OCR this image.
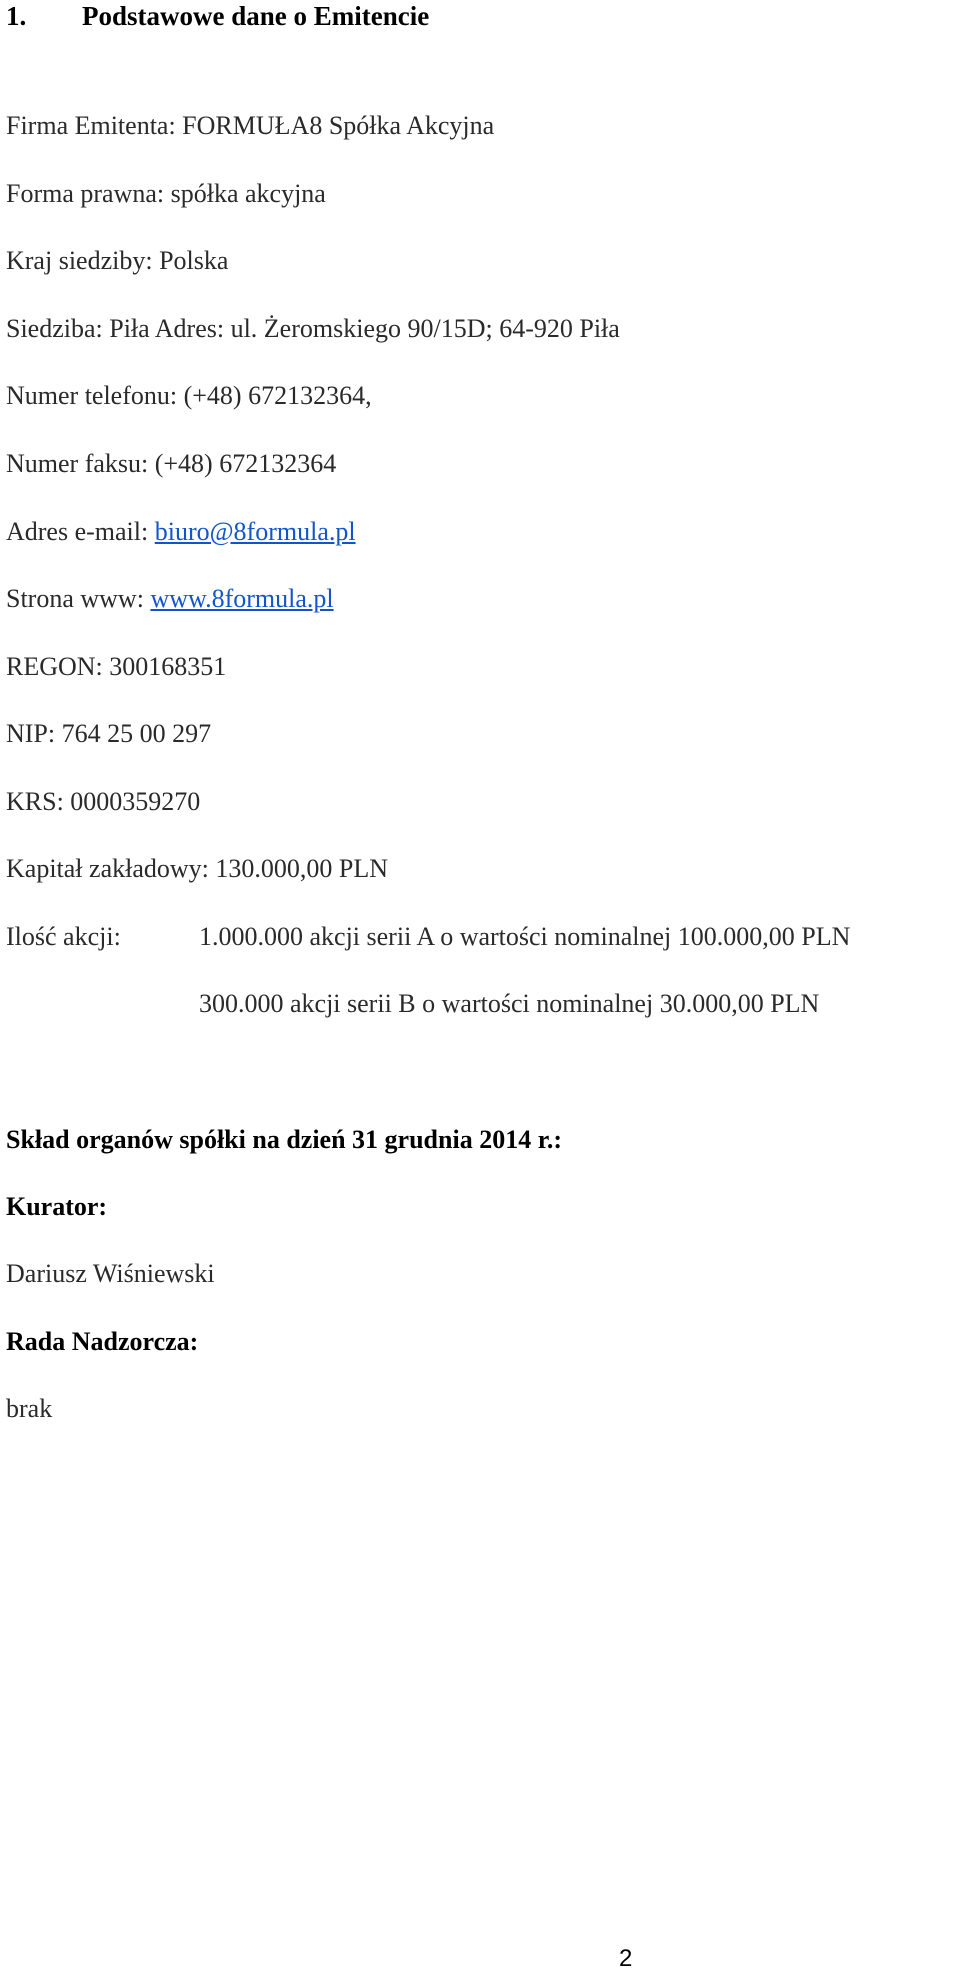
1. Podstawowe dane o Emitencie
Firma Emitenta: FORMUŁA8 Spółka Akcyjna
Forma prawna: spółka akcyjna
Kraj siedziby: Polska
Siedziba: Piła Adres: ul. Żeromskiego 90/15D; 64-920 Piła
Numer telefonu: (+48) 672132364,
Numer faksu: (+48) 672132364
Adres e-mail: biuro@8formula.pl
Strona www: www.8formula.pl
REGON: 300168351
NIP: 764 25 00 297
KRS: 0000359270
Kapitał zakładowy: 130.000,00 PLN
Ilość akcji:	1.000.000 akcji serii A o wartości nominalnej 100.000,00 PLN
300.000 akcji serii B o wartości nominalnej 30.000,00 PLN
Skład organów spółki na dzień 31 grudnia 2014 r.:
Kurator:
Dariusz Wiśniewski
Rada Nadzorcza:
brak
2
